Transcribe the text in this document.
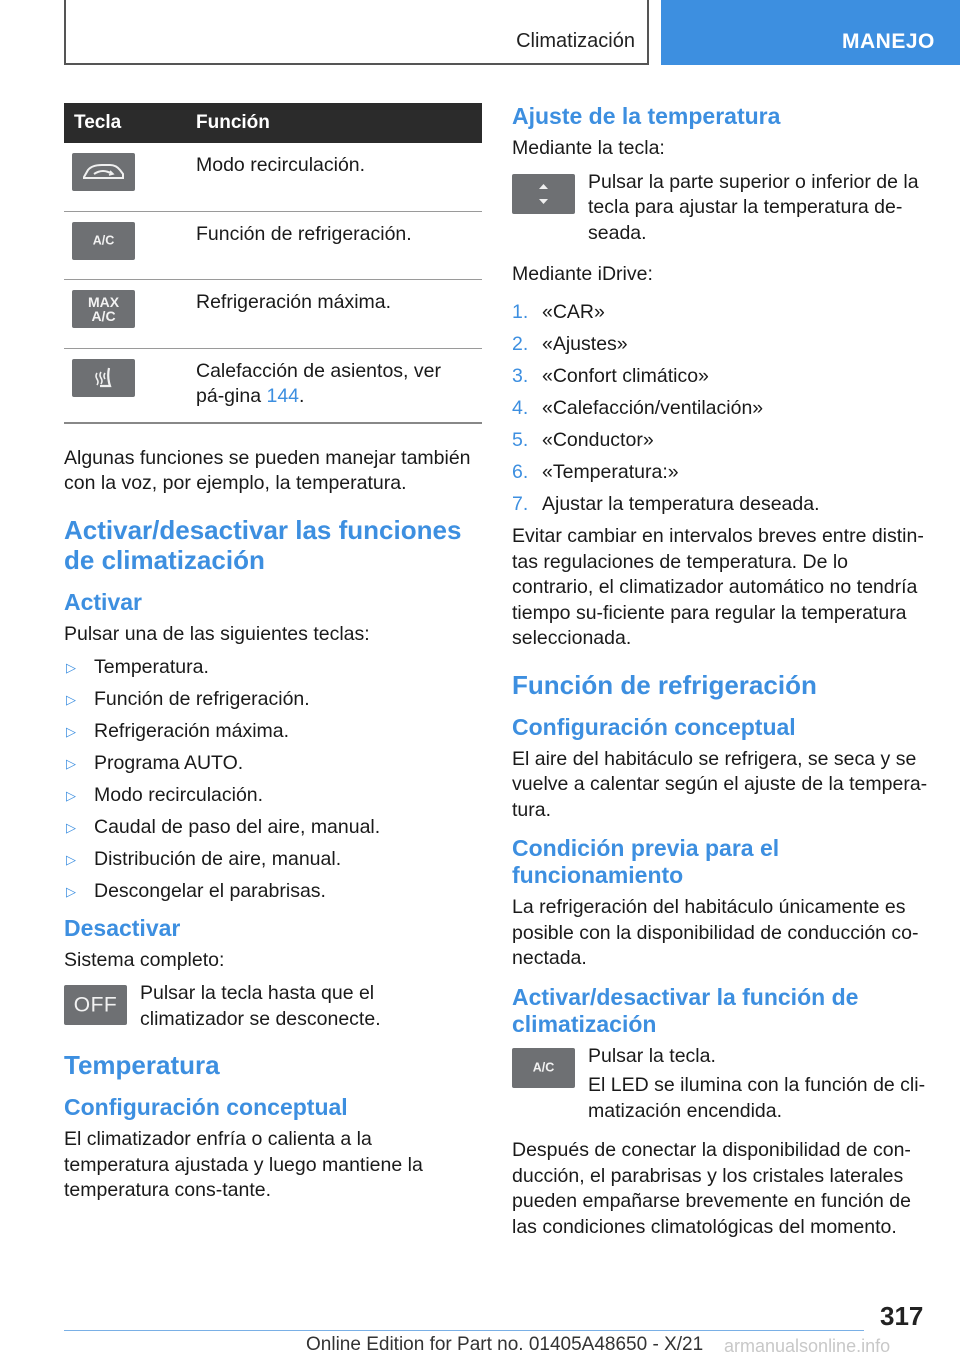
Climatización	MANEJO
Tecla	Función
	Modo recirculación.

A/C	Función de refrigeración.

MAX
A/C	Refrigeración máxima.
	Calefacción de asientos, ver pá-gina 144.

Algunas funciones se pueden manejar también con la voz, por ejemplo, la temperatura.

Activar/desactivar las funciones de climatización
Activar

Pulsar una de las siguientes teclas:

▷ Temperatura.
▷ Función de refrigeración.
▷ Refrigeración máxima.
▷ Programa AUTO.
▷ Modo recirculación.
▷ Caudal de paso del aire, manual.
▷ Distribución de aire, manual.
▷ Descongelar el parabrisas.
Desactivar

Sistema completo:

OFF
Pulsar la tecla hasta que el climatizador se desconecte.
Temperatura
Configuración conceptual

El climatizador enfría o calienta a la temperatura ajustada y luego mantiene la temperatura cons-tante.

Ajuste de la temperatura

Mediante la tecla:

Pulsar la parte superior o inferior de la tecla para ajustar la temperatura de-seada.

Mediante iDrive:

1. «CAR»
2. «Ajustes»
3. «Confort climático»
4. «Calefacción/ventilación»
5. «Conductor»
6. «Temperatura:»
7. Ajustar la temperatura deseada.

Evitar cambiar en intervalos breves entre distin-tas regulaciones de temperatura. De lo contrario, el climatizador automático no tendría tiempo su-ficiente para regular la temperatura seleccionada.

Función de refrigeración
Configuración conceptual

El aire del habitáculo se refrigera, se seca y se vuelve a calentar según el ajuste de la tempera-tura.

Condición previa para el funcionamiento

La refrigeración del habitáculo únicamente es posible con la disponibilidad de conducción co-nectada.

Activar/desactivar la función de climatización
A/C
Pulsar la tecla.
El LED se ilumina con la función de cli-matización encendida.

Después de conectar la disponibilidad de con-ducción, el parabrisas y los cristales laterales pueden empañarse brevemente en función de las condiciones climatológicas del momento.

317
Online Edition for Part no. 01405A48650 - X/21 armanualsonline.info
